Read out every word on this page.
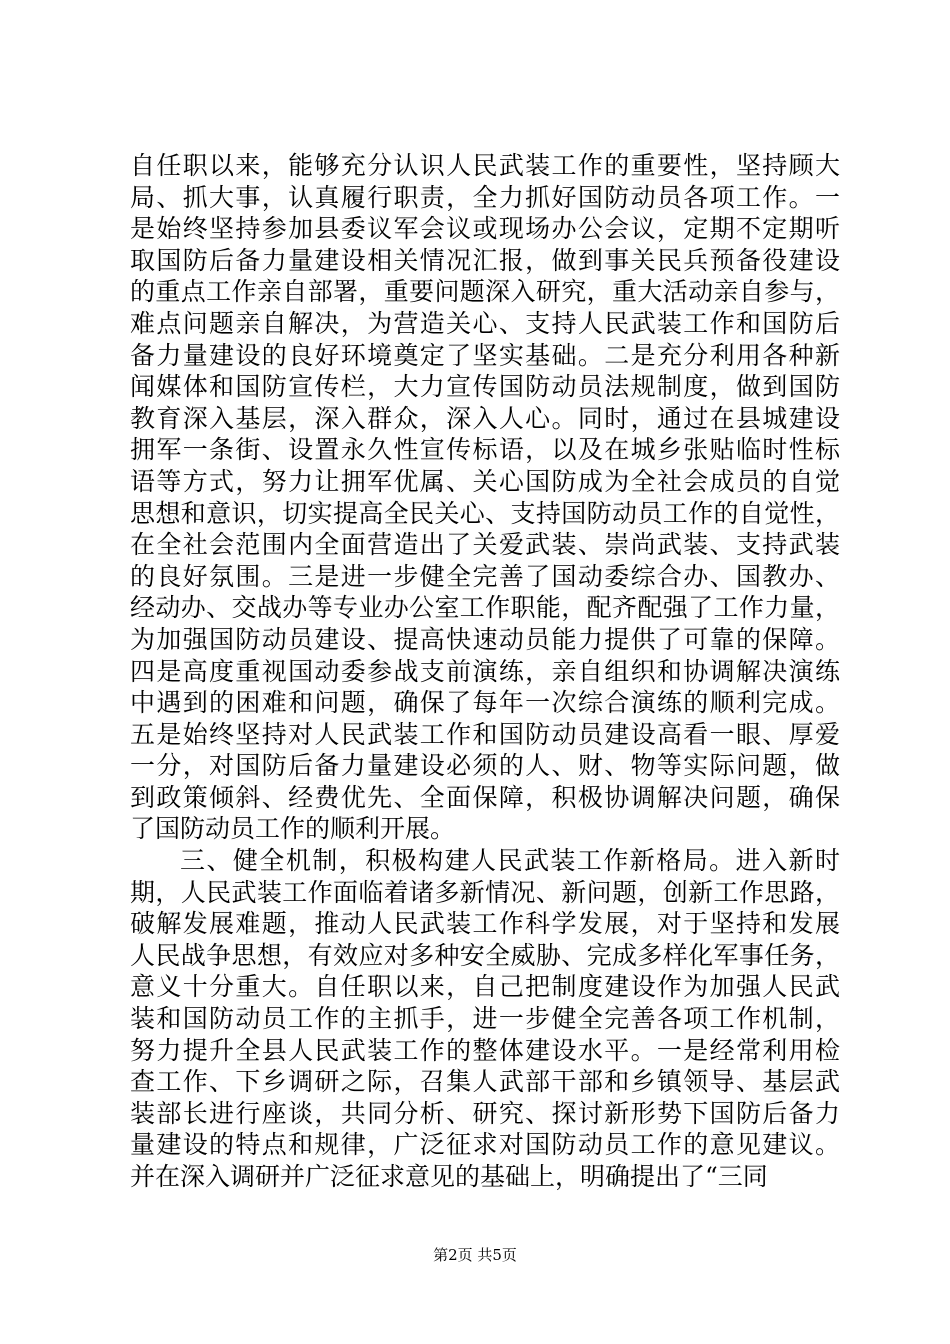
自任职以来，能够充分认识人民武装工作的重要性，坚持顾大
局、抓大事，认真履行职责，全力抓好国防动员各项工作。一
是始终坚持参加县委议军会议或现场办公会议，定期不定期听
取国防后备力量建设相关情况汇报，做到事关民兵预备役建设
的重点工作亲自部署，重要问题深入研究，重大活动亲自参与，
难点问题亲自解决，为营造关心、支持人民武装工作和国防后
备力量建设的良好环境奠定了坚实基础。二是充分利用各种新
闻媒体和国防宣传栏，大力宣传国防动员法规制度，做到国防
教育深入基层，深入群众，深入人心。同时，通过在县城建设
拥军一条街、设置永久性宣传标语，以及在城乡张贴临时性标
语等方式，努力让拥军优属、关心国防成为全社会成员的自觉
思想和意识，切实提高全民关心、支持国防动员工作的自觉性，
在全社会范围内全面营造出了关爱武装、崇尚武装、支持武装
的良好氛围。三是进一步健全完善了国动委综合办、国教办、
经动办、交战办等专业办公室工作职能，配齐配强了工作力量，
为加强国防动员建设、提高快速动员能力提供了可靠的保障。
四是高度重视国动委参战支前演练，亲自组织和协调解决演练
中遇到的困难和问题，确保了每年一次综合演练的顺利完成。
五是始终坚持对人民武装工作和国防动员建设高看一眼、厚爱
一分，对国防后备力量建设必须的人、财、物等实际问题，做
到政策倾斜、经费优先、全面保障，积极协调解决问题，确保
了国防动员工作的顺利开展。
三、健全机制，积极构建人民武装工作新格局。进入新时
期，人民武装工作面临着诸多新情况、新问题，创新工作思路，
破解发展难题，推动人民武装工作科学发展，对于坚持和发展
人民战争思想，有效应对多种安全威胁、完成多样化军事任务，
意义十分重大。自任职以来，自己把制度建设作为加强人民武
装和国防动员工作的主抓手，进一步健全完善各项工作机制，
努力提升全县人民武装工作的整体建设水平。一是经常利用检
查工作、下乡调研之际，召集人武部干部和乡镇领导、基层武
装部长进行座谈，共同分析、研究、探讨新形势下国防后备力
量建设的特点和规律，广泛征求对国防动员工作的意见建议。
并在深入调研并广泛征求意见的基础上，明确提出了“三同
第2页 共5页
